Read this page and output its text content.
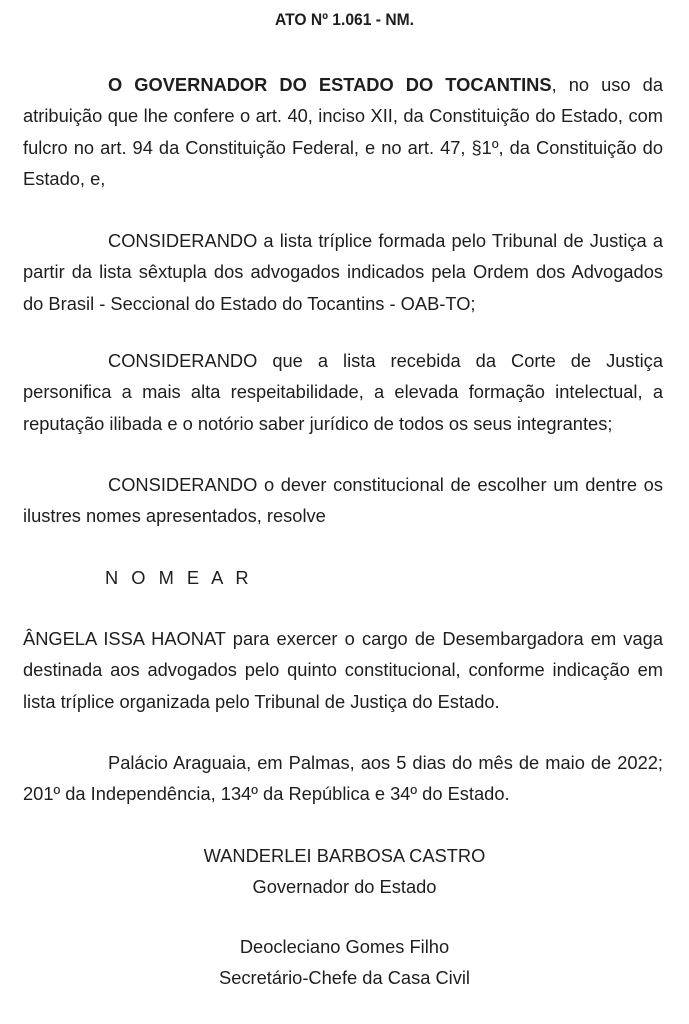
ATO Nº 1.061 - NM.
O GOVERNADOR DO ESTADO DO TOCANTINS, no uso da atribuição que lhe confere o art. 40, inciso XII, da Constituição do Estado, com fulcro no art. 94 da Constituição Federal, e no art. 47, §1º, da Constituição do Estado, e,
CONSIDERANDO a lista tríplice formada pelo Tribunal de Justiça a partir da lista sêxtupla dos advogados indicados pela Ordem dos Advogados do Brasil - Seccional do Estado do Tocantins - OAB-TO;
CONSIDERANDO que a lista recebida da Corte de Justiça personifica a mais alta respeitabilidade, a elevada formação intelectual, a reputação ilibada e o notório saber jurídico de todos os seus integrantes;
CONSIDERANDO o dever constitucional de escolher um dentre os ilustres nomes apresentados, resolve
N O M E A R
ÂNGELA ISSA HAONAT para exercer o cargo de Desembargadora em vaga destinada aos advogados pelo quinto constitucional, conforme indicação em lista tríplice organizada pelo Tribunal de Justiça do Estado.
Palácio Araguaia, em Palmas, aos 5 dias do mês de maio de 2022; 201º da Independência, 134º da República e 34º do Estado.
WANDERLEI BARBOSA CASTRO
Governador do Estado
Deocleciano Gomes Filho
Secretário-Chefe da Casa Civil
